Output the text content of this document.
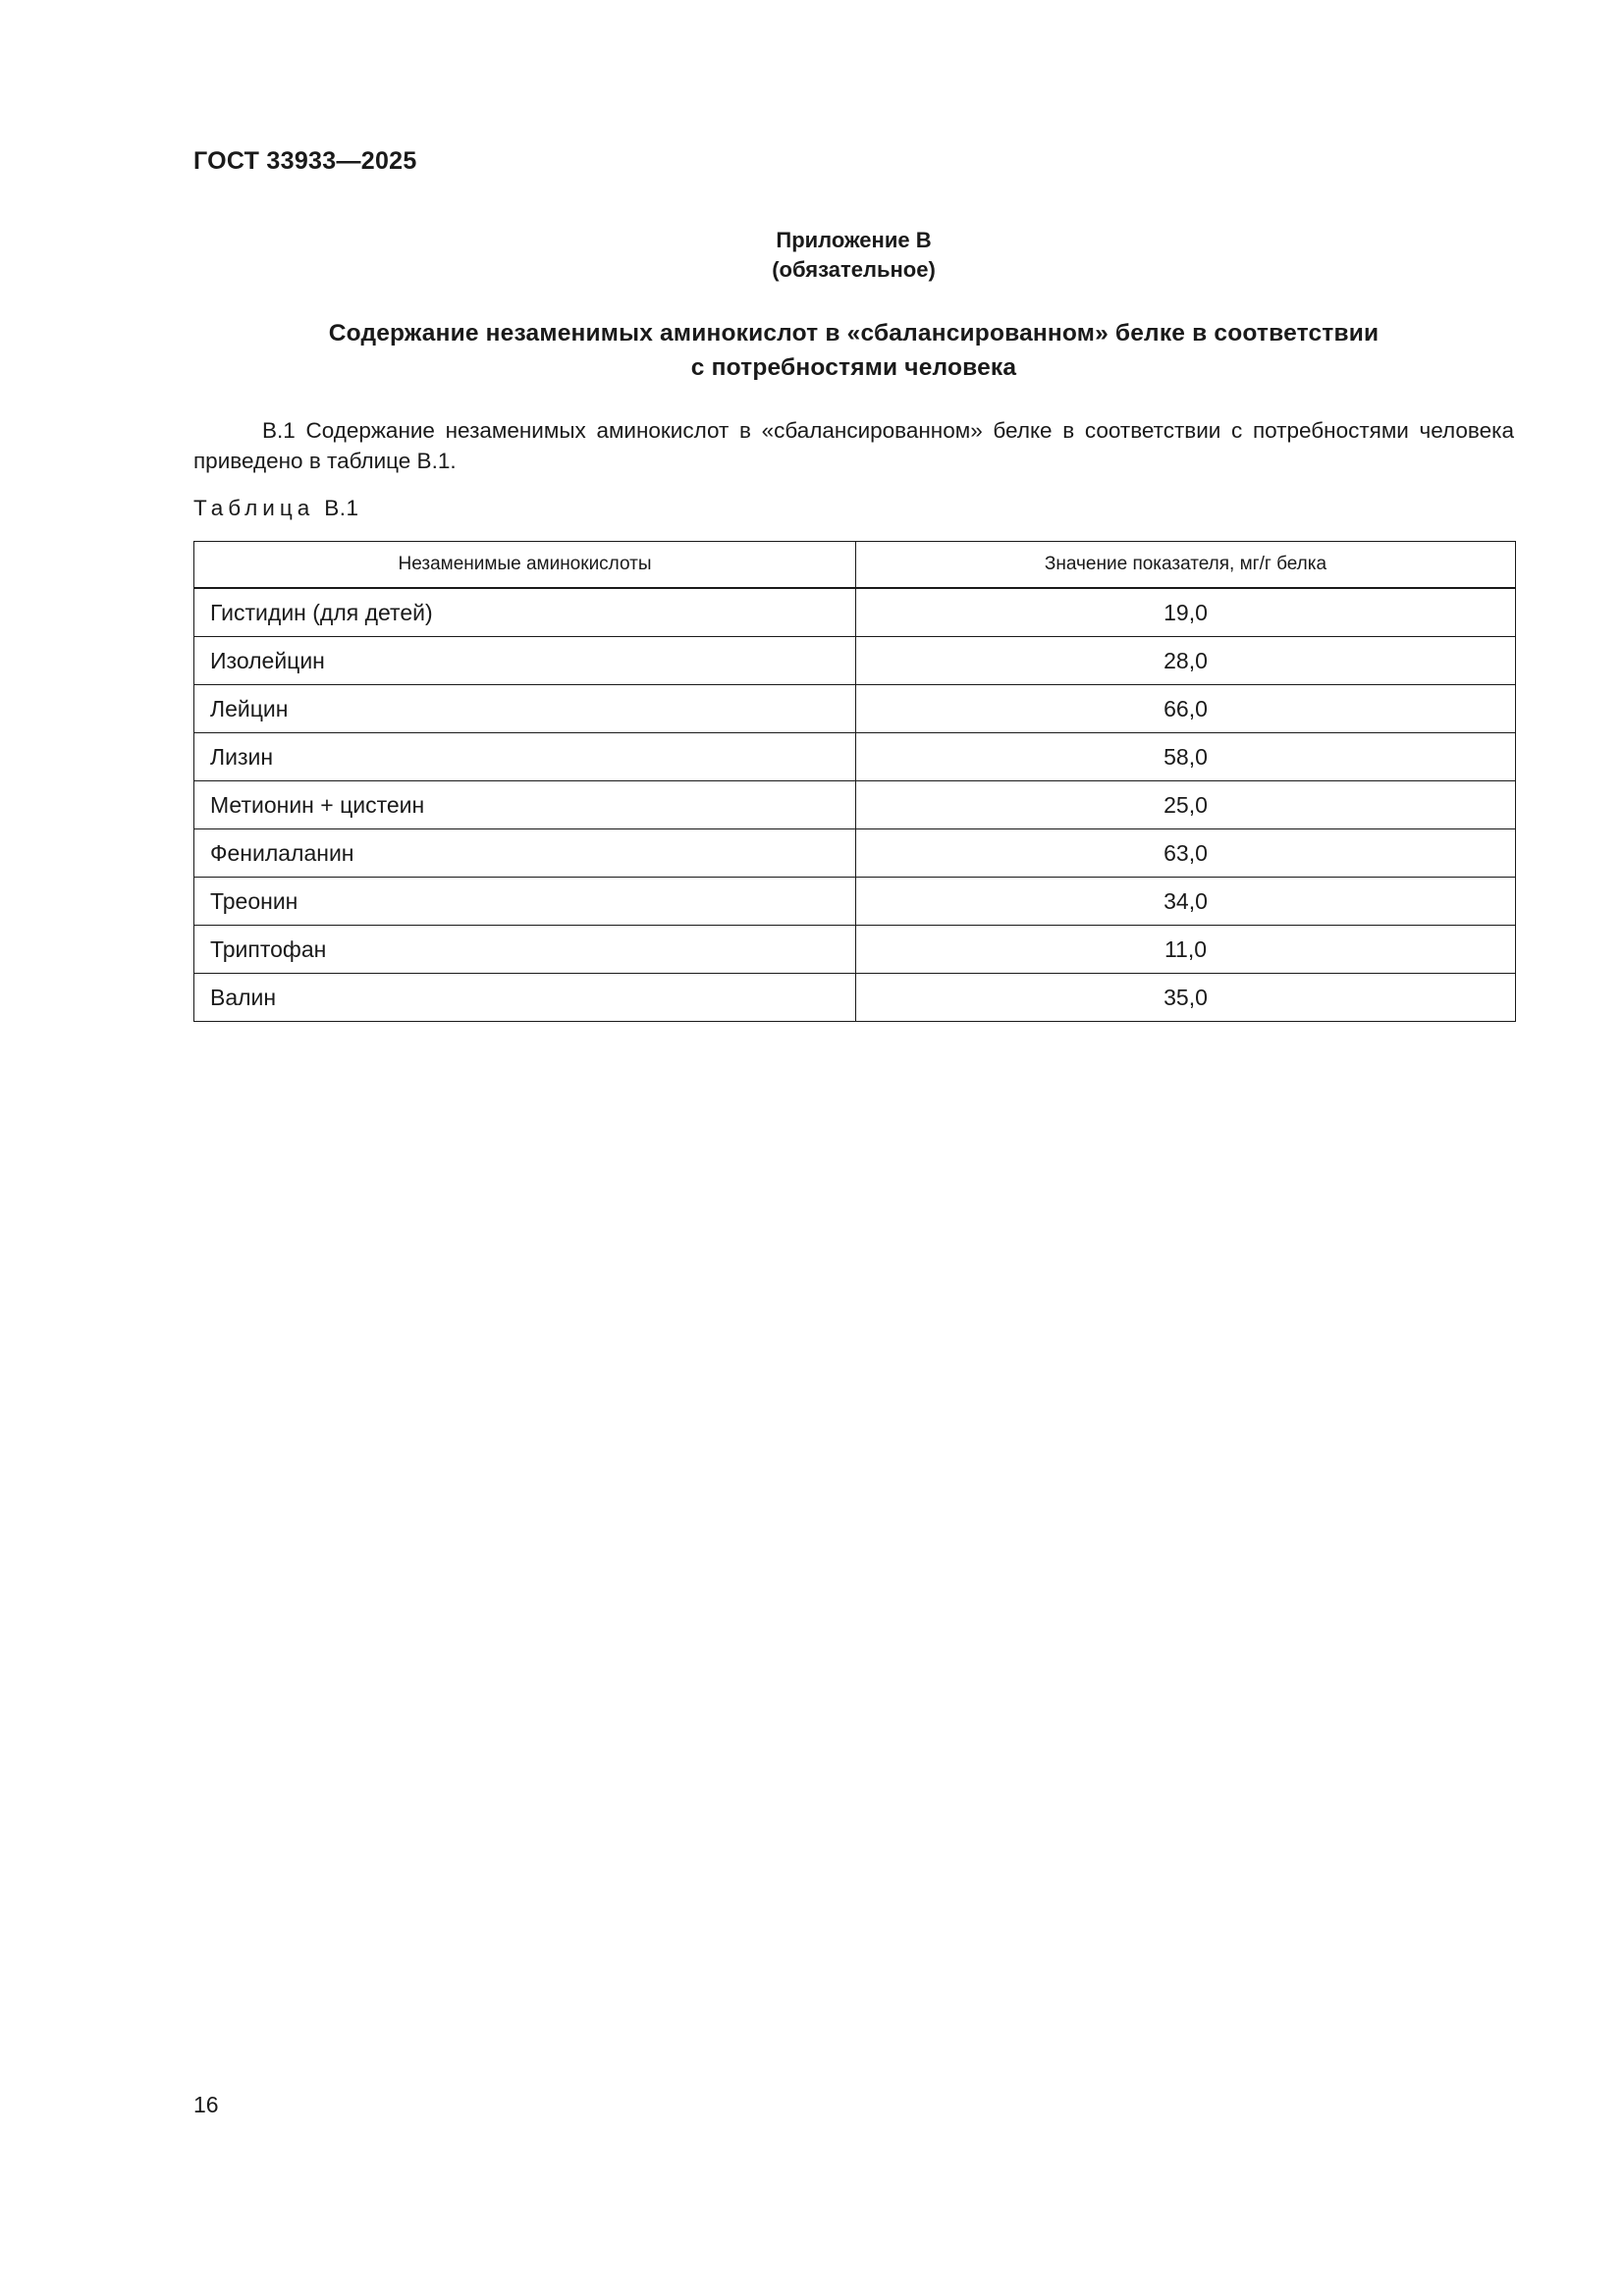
ГОСТ 33933—2025
Приложение В
(обязательное)
Содержание незаменимых аминокислот в «сбалансированном» белке в соответствии
с потребностями человека

В.1 Содержание незаменимых аминокислот в «сбалансированном» белке в соответствии с потребностями человека приведено в таблице В.1.

Таблица В.1
Незаменимые аминокислоты	Значение показателя, мг/г белка
Гистидин (для детей)	19,0
Изолейцин	28,0
Лейцин	66,0
Лизин	58,0
Метионин + цистеин	25,0
Фенилаланин	63,0
Треонин	34,0
Триптофан	11,0
Валин	35,0
16
